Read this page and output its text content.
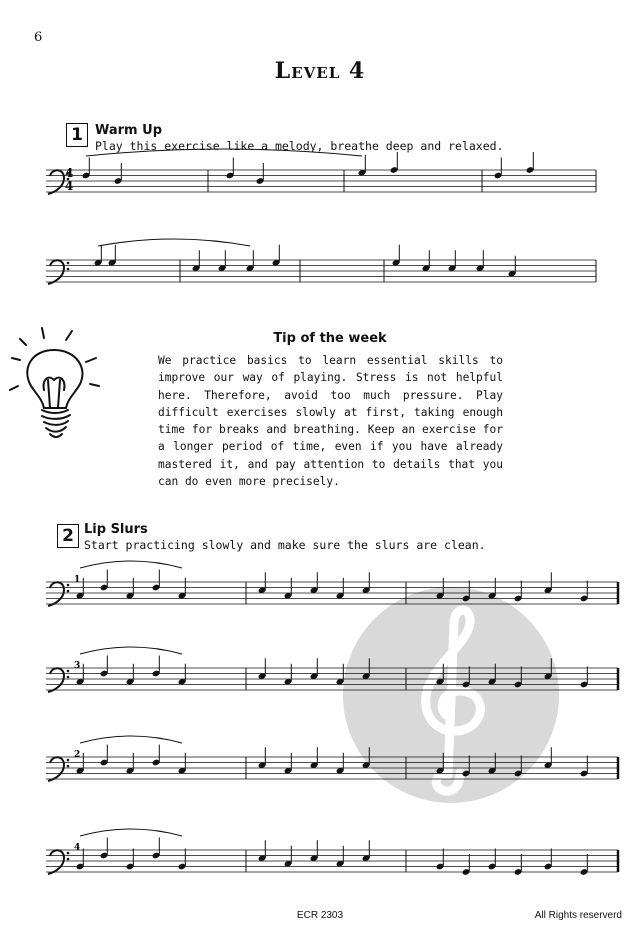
6
Level 4
1 Warm Up
Play this exercise like a melody, breathe deep and relaxed.
2 Lip Slurs
Start practicing slowly and make sure the slurs are clean.
Tip of the week
We practice basics to learn essential skills to improve our way of playing. Stress is not helpful here. Therefore, avoid too much pressure. Play difficult exercises slowly at first, taking enough time for breaks and breathing. Keep an exercise for a longer period of time, even if you have already mastered it, and pay attention to details that you can do even more precisely.
4
4
1
3
2
4
ECR 2303	All Rights reserverd
